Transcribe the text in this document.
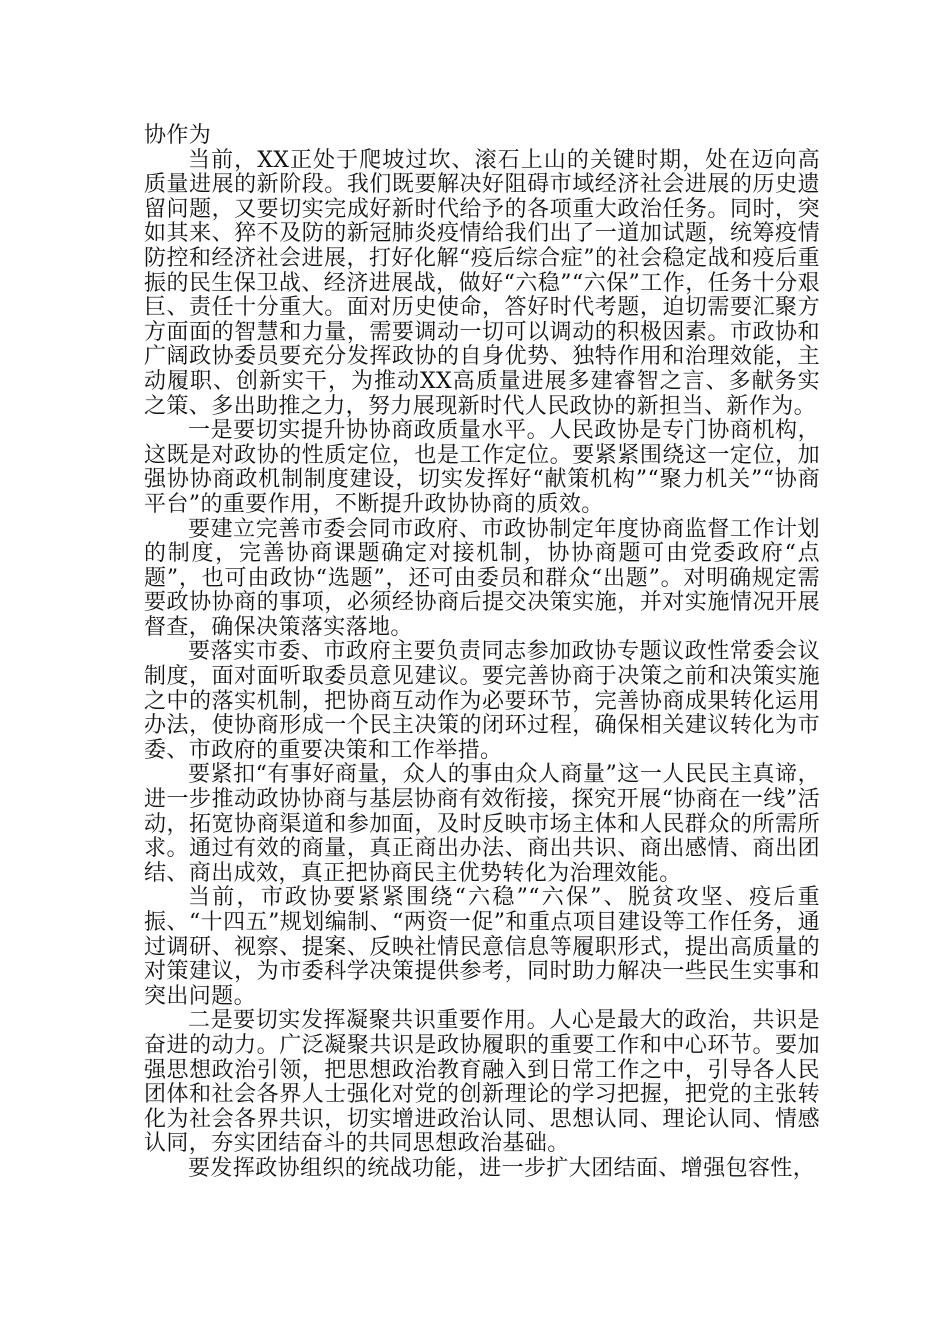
协作为

当前，XX正处于爬坡过坎、滚石上山的关键时期，处在迈向高质量进展的新阶段。我们既要解决好阻碍市域经济社会进展的历史遗留问题，又要切实完成好新时代给予的各项重大政治任务。同时，突如其来、猝不及防的新冠肺炎疫情给我们出了一道加试题，统筹疫情防控和经济社会进展，打好化解“疫后综合症”的社会稳定战和疫后重振的民生保卫战、经济进展战，做好“六稳”“六保”工作，任务十分艰巨、责任十分重大。面对历史使命，答好时代考题，迫切需要汇聚方方面面的智慧和力量，需要调动一切可以调动的积极因素。市政协和广阔政协委员要充分发挥政协的自身优势、独特作用和治理效能，主动履职、创新实干，为推动XX高质量进展多建睿智之言、多献务实之策、多出助推之力，努力展现新时代人民政协的新担当、新作为。

一是要切实提升协协商政质量水平。人民政协是专门协商机构，这既是对政协的性质定位，也是工作定位。要紧紧围绕这一定位，加强协协商政机制制度建设，切实发挥好“献策机构”“聚力机关”“协商平台”的重要作用，不断提升政协协商的质效。

要建立完善市委会同市政府、市政协制定年度协商监督工作计划的制度，完善协商课题确定对接机制，协协商题可由党委政府“点题”，也可由政协“选题”，还可由委员和群众“出题”。对明确规定需要政协协商的事项，必须经协商后提交决策实施，并对实施情况开展督查，确保决策落实落地。

要落实市委、市政府主要负责同志参加政协专题议政性常委会议制度，面对面听取委员意见建议。要完善协商于决策之前和决策实施之中的落实机制，把协商互动作为必要环节，完善协商成果转化运用办法，使协商形成一个民主决策的闭环过程，确保相关建议转化为市委、市政府的重要决策和工作举措。

要紧扣“有事好商量，众人的事由众人商量”这一人民民主真谛，进一步推动政协协商与基层协商有效衔接，探究开展“协商在一线”活动，拓宽协商渠道和参加面，及时反映市场主体和人民群众的所需所求。通过有效的商量，真正商出办法、商出共识、商出感情、商出团结、商出成效，真正把协商民主优势转化为治理效能。

当前，市政协要紧紧围绕“六稳”“六保”、脱贫攻坚、疫后重振、“十四五”规划编制、“两资一促”和重点项目建设等工作任务，通过调研、视察、提案、反映社情民意信息等履职形式，提出高质量的对策建议，为市委科学决策提供参考，同时助力解决一些民生实事和突出问题。

二是要切实发挥凝聚共识重要作用。人心是最大的政治，共识是奋进的动力。广泛凝聚共识是政协履职的重要工作和中心环节。要加强思想政治引领，把思想政治教育融入到日常工作之中，引导各人民团体和社会各界人士强化对党的创新理论的学习把握，把党的主张转化为社会各界共识，切实增进政治认同、思想认同、理论认同、情感认同，夯实团结奋斗的共同思想政治基础。

要发挥政协组织的统战功能，进一步扩大团结面、增强包容性，
